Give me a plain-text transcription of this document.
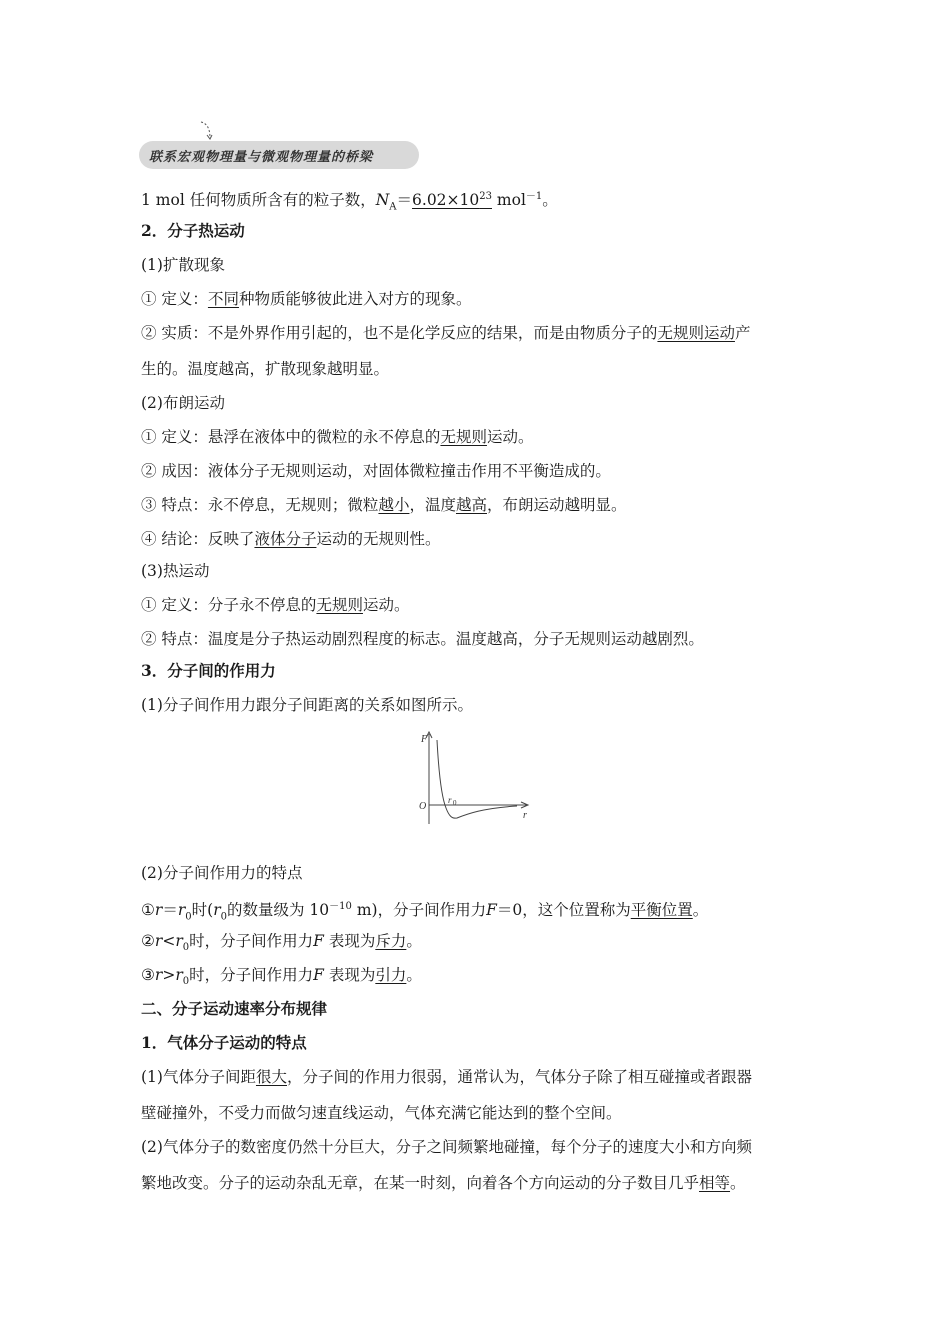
联系宏观物理量与微观物理量的桥梁
1 mol 任何物质所含有的粒子数，$N_A=6.02\times 10^{23}$ mol$^{-1}$。
2．分子热运动
(1)扩散现象
① 定义：不同种物质能够彼此进入对方的现象。
② 实质：不是外界作用引起的，也不是化学反应的结果，而是由物质分子的无规则运动产
生的。温度越高，扩散现象越明显。
(2)布朗运动
① 定义：悬浮在液体中的微粒的永不停息的无规则运动。
② 成因：液体分子无规则运动，对固体微粒撞击作用不平衡造成的。
③ 特点：永不停息，无规则；微粒越小，温度越高，布朗运动越明显。
④ 结论：反映了液体分子运动的无规则性。
(3)热运动
① 定义：分子永不停息的无规则运动。
② 特点：温度是分子热运动剧烈程度的标志。温度越高，分子无规则运动越剧烈。
3．分子间的作用力
(1)分子间作用力跟分子间距离的关系如图所示。
F
r
O
r 0
(2)分子间作用力的特点
$①r=r_0$时($r_0$的数量级为 $10^{-10}$ m)，分子间作用力F＝0，这个位置称为平衡位置。
$②r<r_0$时，分子间作用力F 表现为斥力。
$③r>r_0$时，分子间作用力F 表现为引力。
二、分子运动速率分布规律
1．气体分子运动的特点
(1)气体分子间距很大，分子间的作用力很弱，通常认为，气体分子除了相互碰撞或者跟器
壁碰撞外，不受力而做匀速直线运动，气体充满它能达到的整个空间。
(2)气体分子的数密度仍然十分巨大，分子之间频繁地碰撞，每个分子的速度大小和方向频
繁地改变。分子的运动杂乱无章，在某一时刻，向着各个方向运动的分子数目几乎相等。
